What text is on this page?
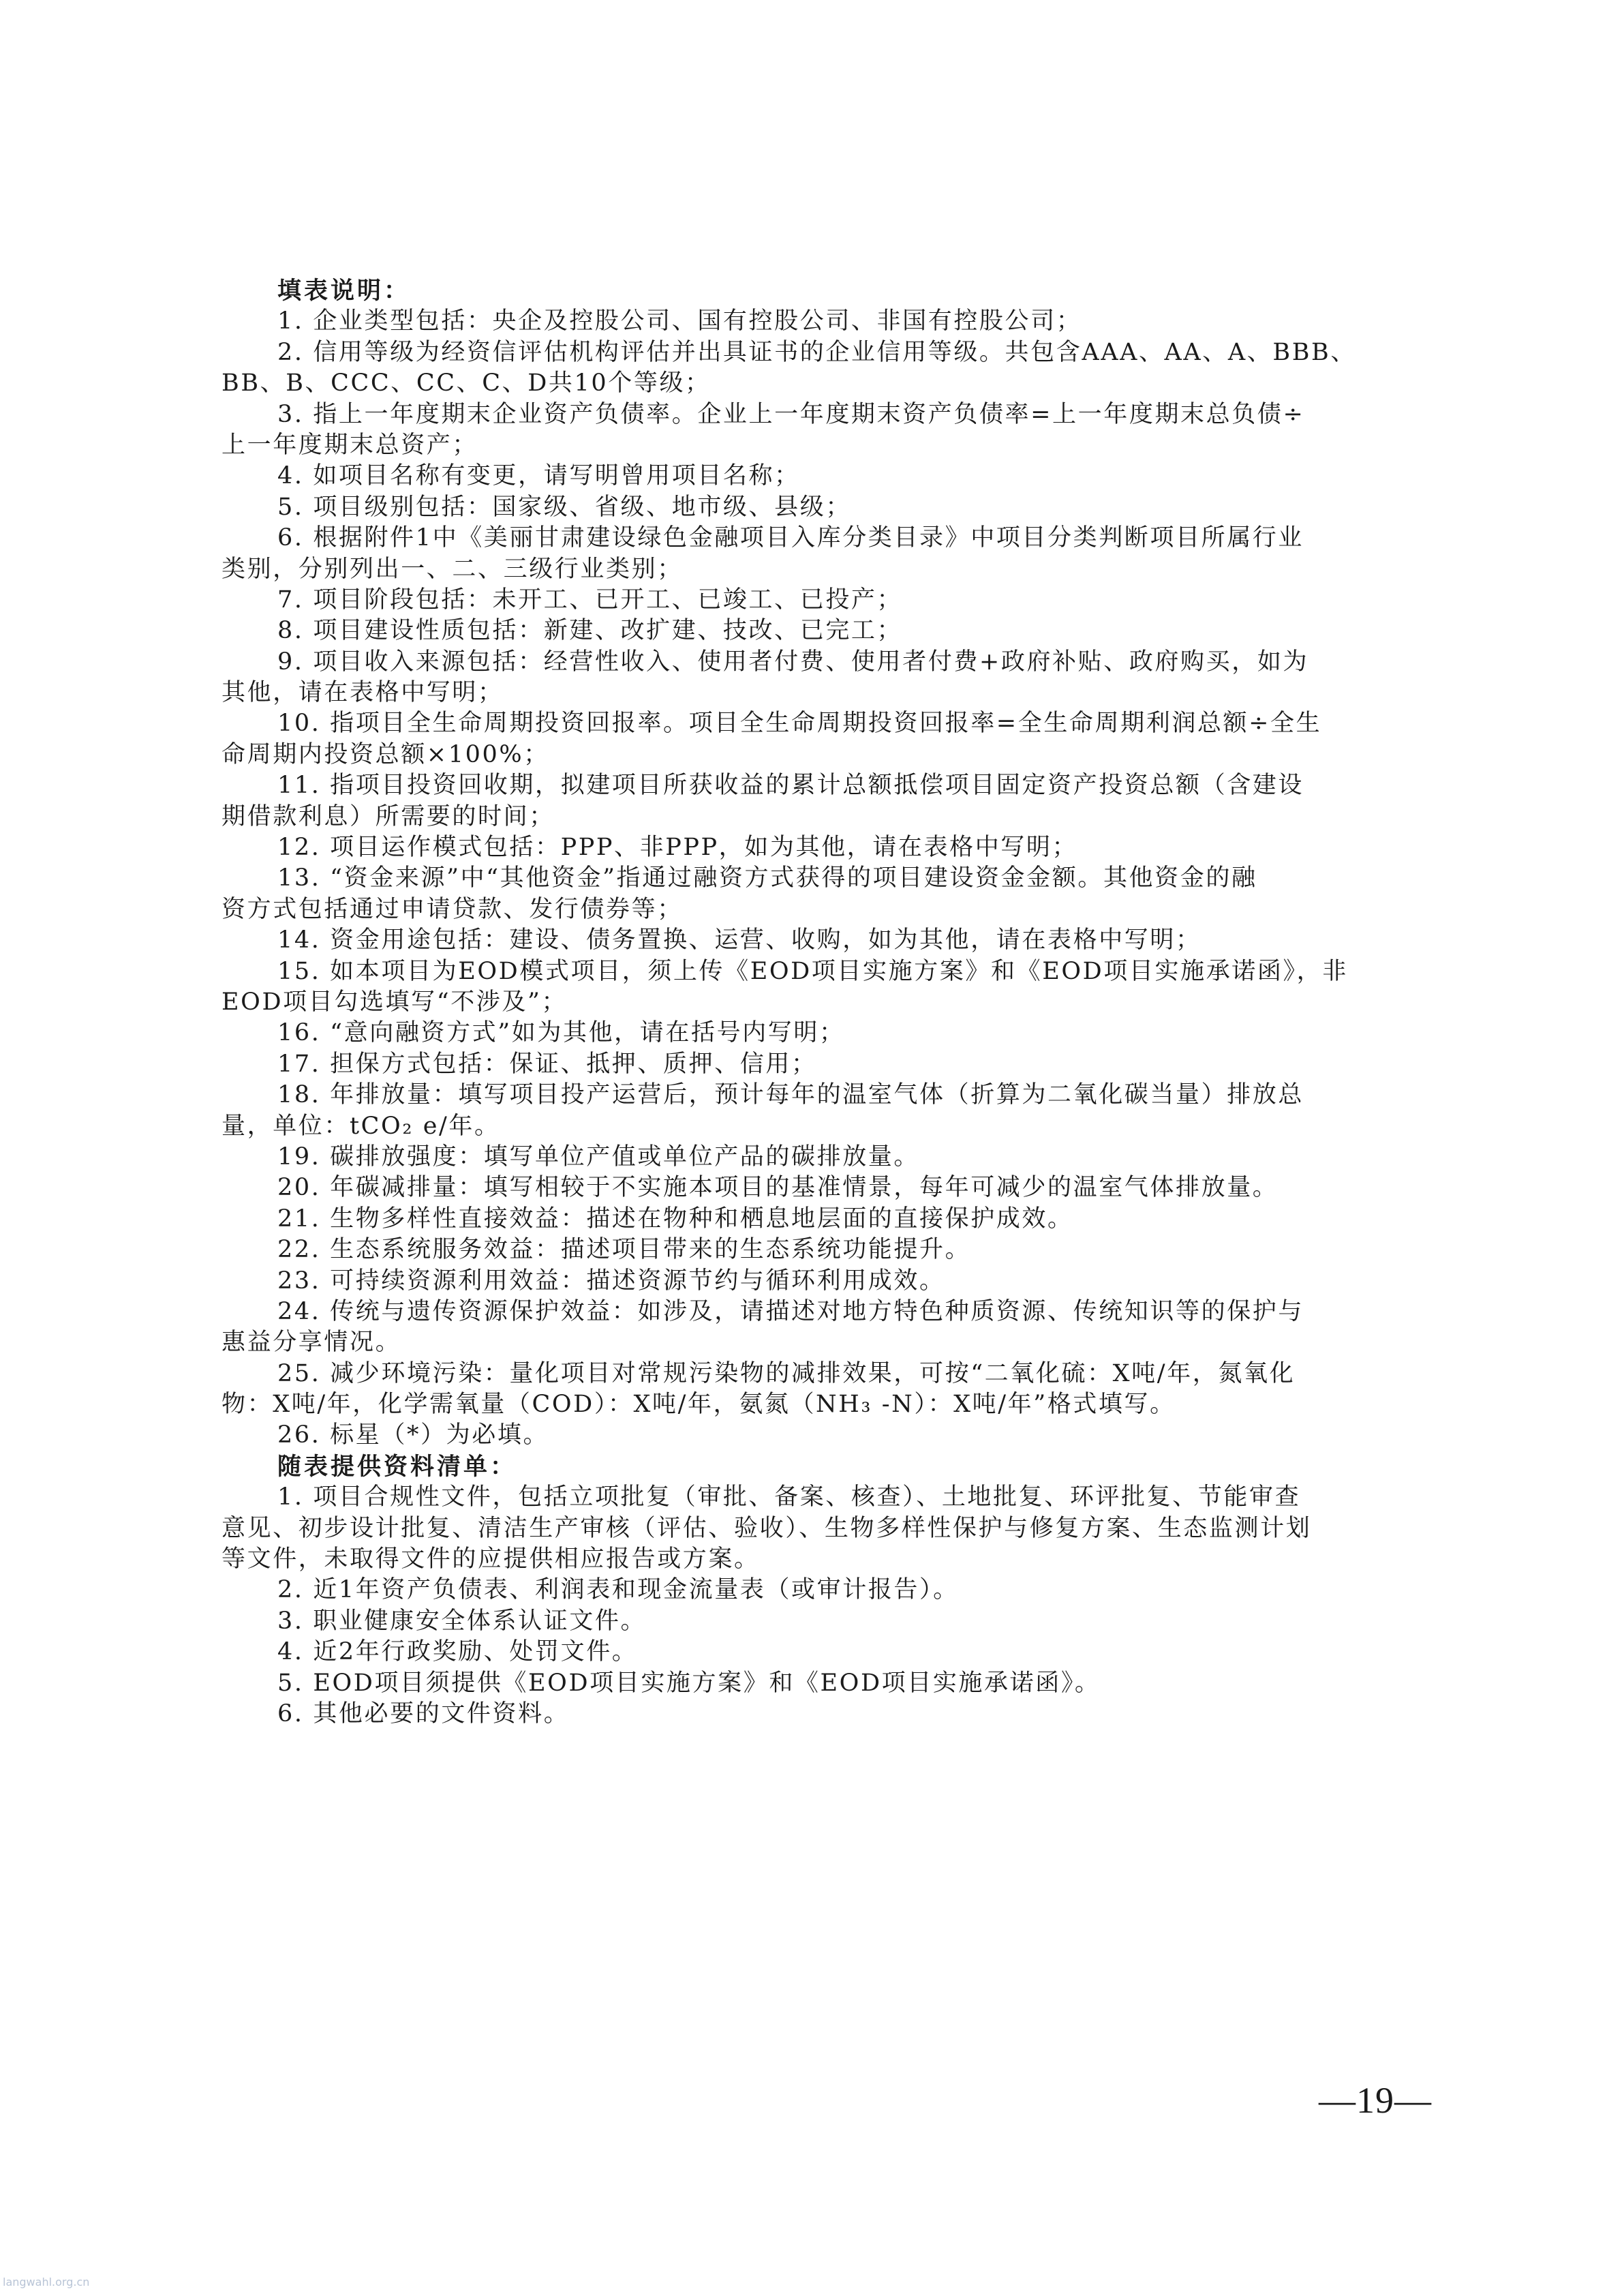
填表说明：
1. 企业类型包括：央企及控股公司、国有控股公司、非国有控股公司；
2. 信用等级为经资信评估机构评估并出具证书的企业信用等级。共包含AAA、AA、A、BBB、
BB、B、CCC、CC、C、D共10个等级；
3. 指上一年度期末企业资产负债率。企业上一年度期末资产负债率=上一年度期末总负债÷
上一年度期末总资产；
4. 如项目名称有变更，请写明曾用项目名称；
5. 项目级别包括：国家级、省级、地市级、县级；
6. 根据附件1中《美丽甘肃建设绿色金融项目入库分类目录》中项目分类判断项目所属行业
类别，分别列出一、二、三级行业类别；
7. 项目阶段包括：未开工、已开工、已竣工、已投产；
8. 项目建设性质包括：新建、改扩建、技改、已完工；
9. 项目收入来源包括：经营性收入、使用者付费、使用者付费+政府补贴、政府购买，如为
其他，请在表格中写明；
10. 指项目全生命周期投资回报率。项目全生命周期投资回报率=全生命周期利润总额÷全生
命周期内投资总额×100%；
11. 指项目投资回收期，拟建项目所获收益的累计总额抵偿项目固定资产投资总额（含建设
期借款利息）所需要的时间；
12. 项目运作模式包括：PPP、非PPP，如为其他，请在表格中写明；
13. “资金来源”中“其他资金”指通过融资方式获得的项目建设资金金额。其他资金的融
资方式包括通过申请贷款、发行债券等；
14. 资金用途包括：建设、债务置换、运营、收购，如为其他，请在表格中写明；
15. 如本项目为EOD模式项目，须上传《EOD项目实施方案》和《EOD项目实施承诺函》，非
EOD项目勾选填写“不涉及”；
16. “意向融资方式”如为其他，请在括号内写明；
17. 担保方式包括：保证、抵押、质押、信用；
18. 年排放量：填写项目投产运营后，预计每年的温室气体（折算为二氧化碳当量）排放总
量，单位：tCO₂ e/年。
19. 碳排放强度：填写单位产值或单位产品的碳排放量。
20. 年碳减排量：填写相较于不实施本项目的基准情景，每年可减少的温室气体排放量。
21. 生物多样性直接效益：描述在物种和栖息地层面的直接保护成效。
22. 生态系统服务效益：描述项目带来的生态系统功能提升。
23. 可持续资源利用效益：描述资源节约与循环利用成效。
24. 传统与遗传资源保护效益：如涉及，请描述对地方特色种质资源、传统知识等的保护与
惠益分享情况。
25. 减少环境污染：量化项目对常规污染物的减排效果，可按“二氧化硫：X吨/年，氮氧化
物：X吨/年，化学需氧量（COD）：X吨/年，氨氮（NH₃ -N）：X吨/年”格式填写。
26. 标星（*）为必填。
随表提供资料清单：
1. 项目合规性文件，包括立项批复（审批、备案、核查）、土地批复、环评批复、节能审查
意见、初步设计批复、清洁生产审核（评估、验收）、生物多样性保护与修复方案、生态监测计划
等文件，未取得文件的应提供相应报告或方案。
2. 近1年资产负债表、利润表和现金流量表（或审计报告）。
3. 职业健康安全体系认证文件。
4. 近2年行政奖励、处罚文件。
5. EOD项目须提供《EOD项目实施方案》和《EOD项目实施承诺函》。
6. 其他必要的文件资料。
—19—
langwahl.org.cn
